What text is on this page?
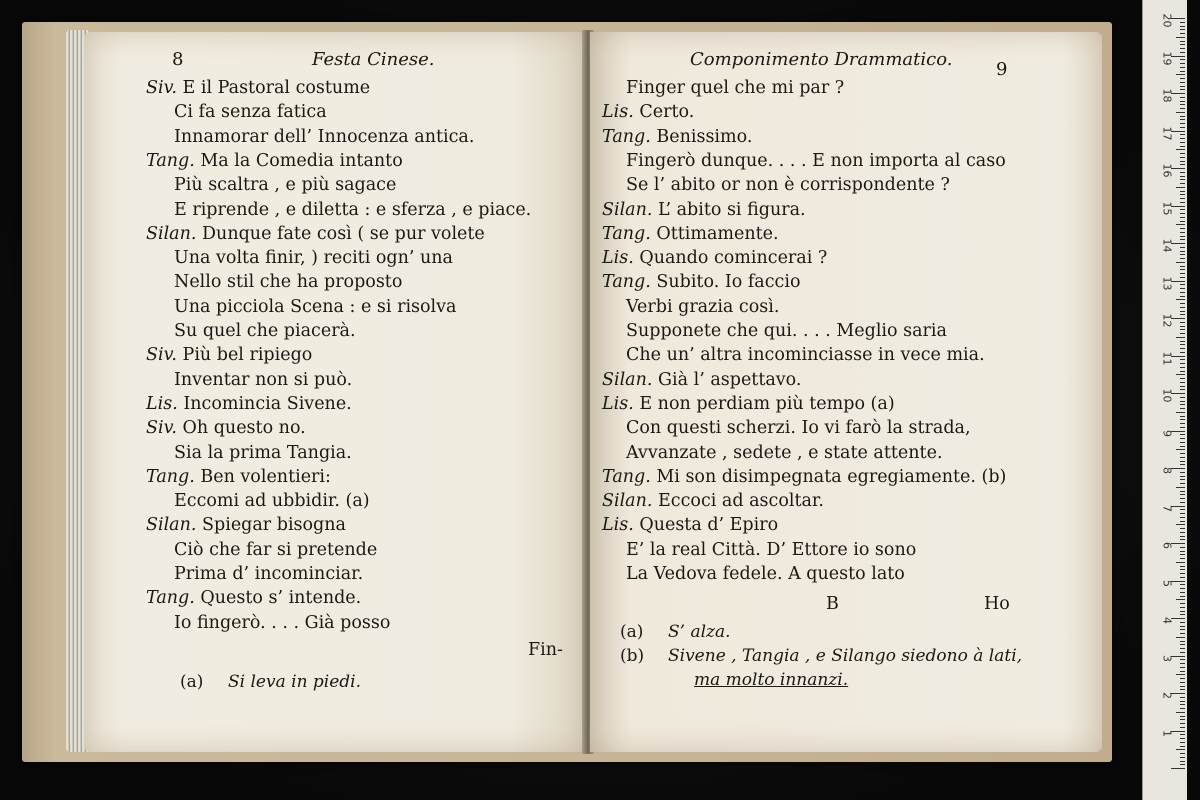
8	Festa Cinese.
Siv. E il Pastoral costume
Ci fa senza fatica
Innamorar dell’ Innocenza antica.
Tang. Ma la Comedia intanto
Più scaltra , e più sagace
E riprende , e diletta : e sferza , e piace.
Silan. Dunque fate così ( se pur volete
Una volta finir, ) reciti ogn’ una
Nello stil che ha proposto
Una picciola Scena : e si risolva
Su quel che piacerà.
Siv. Più bel ripiego
Inventar non si può.
Lis. Incomincia Sivene.
Siv. Oh questo no.
Sia la prima Tangia.
Tang. Ben volentieri:
Eccomi ad ubbidir. (a)
Silan. Spiegar bisogna
Ciò che far si pretende
Prima d’ incominciar.
Tang. Questo s’ intende.
Io fingerò. . . . Già posso
Fin-
(a) Si leva in piedi.
Componimento Drammatico. 9
Finger quel che mi par ?
Lis. Certo.
Tang. Benissimo.
Fingerò dunque. . . . E non importa al caso
Se l’ abito or non è corrispondente ?
Silan. L’ abito si figura.
Tang. Ottimamente.
Lis. Quando comincerai ?
Tang. Subito. Io faccio
Verbi grazia così.
Supponete che qui. . . . Meglio saria
Che un’ altra incominciasse in vece mia.
Silan. Già l’ aspettavo.
Lis. E non perdiam più tempo (a)
Con questi scherzi. Io vi farò la strada,
Avvanzate , sedete , e state attente.
Tang. Mi son disimpegnata egregiamente. (b)
Silan. Eccoci ad ascoltar.
Lis. Questa d’ Epiro
E’ la real Città. D’ Ettore io sono
La Vedova fedele. A questo lato
B	Ho
(a) S’ alza.
(b) Sivene , Tangia , e Silango siedono à lati,
ma molto innanzi.
20
19
18
17
16
15
14
13
12
11
10
9
8
7
6
5
4
3
2
1
